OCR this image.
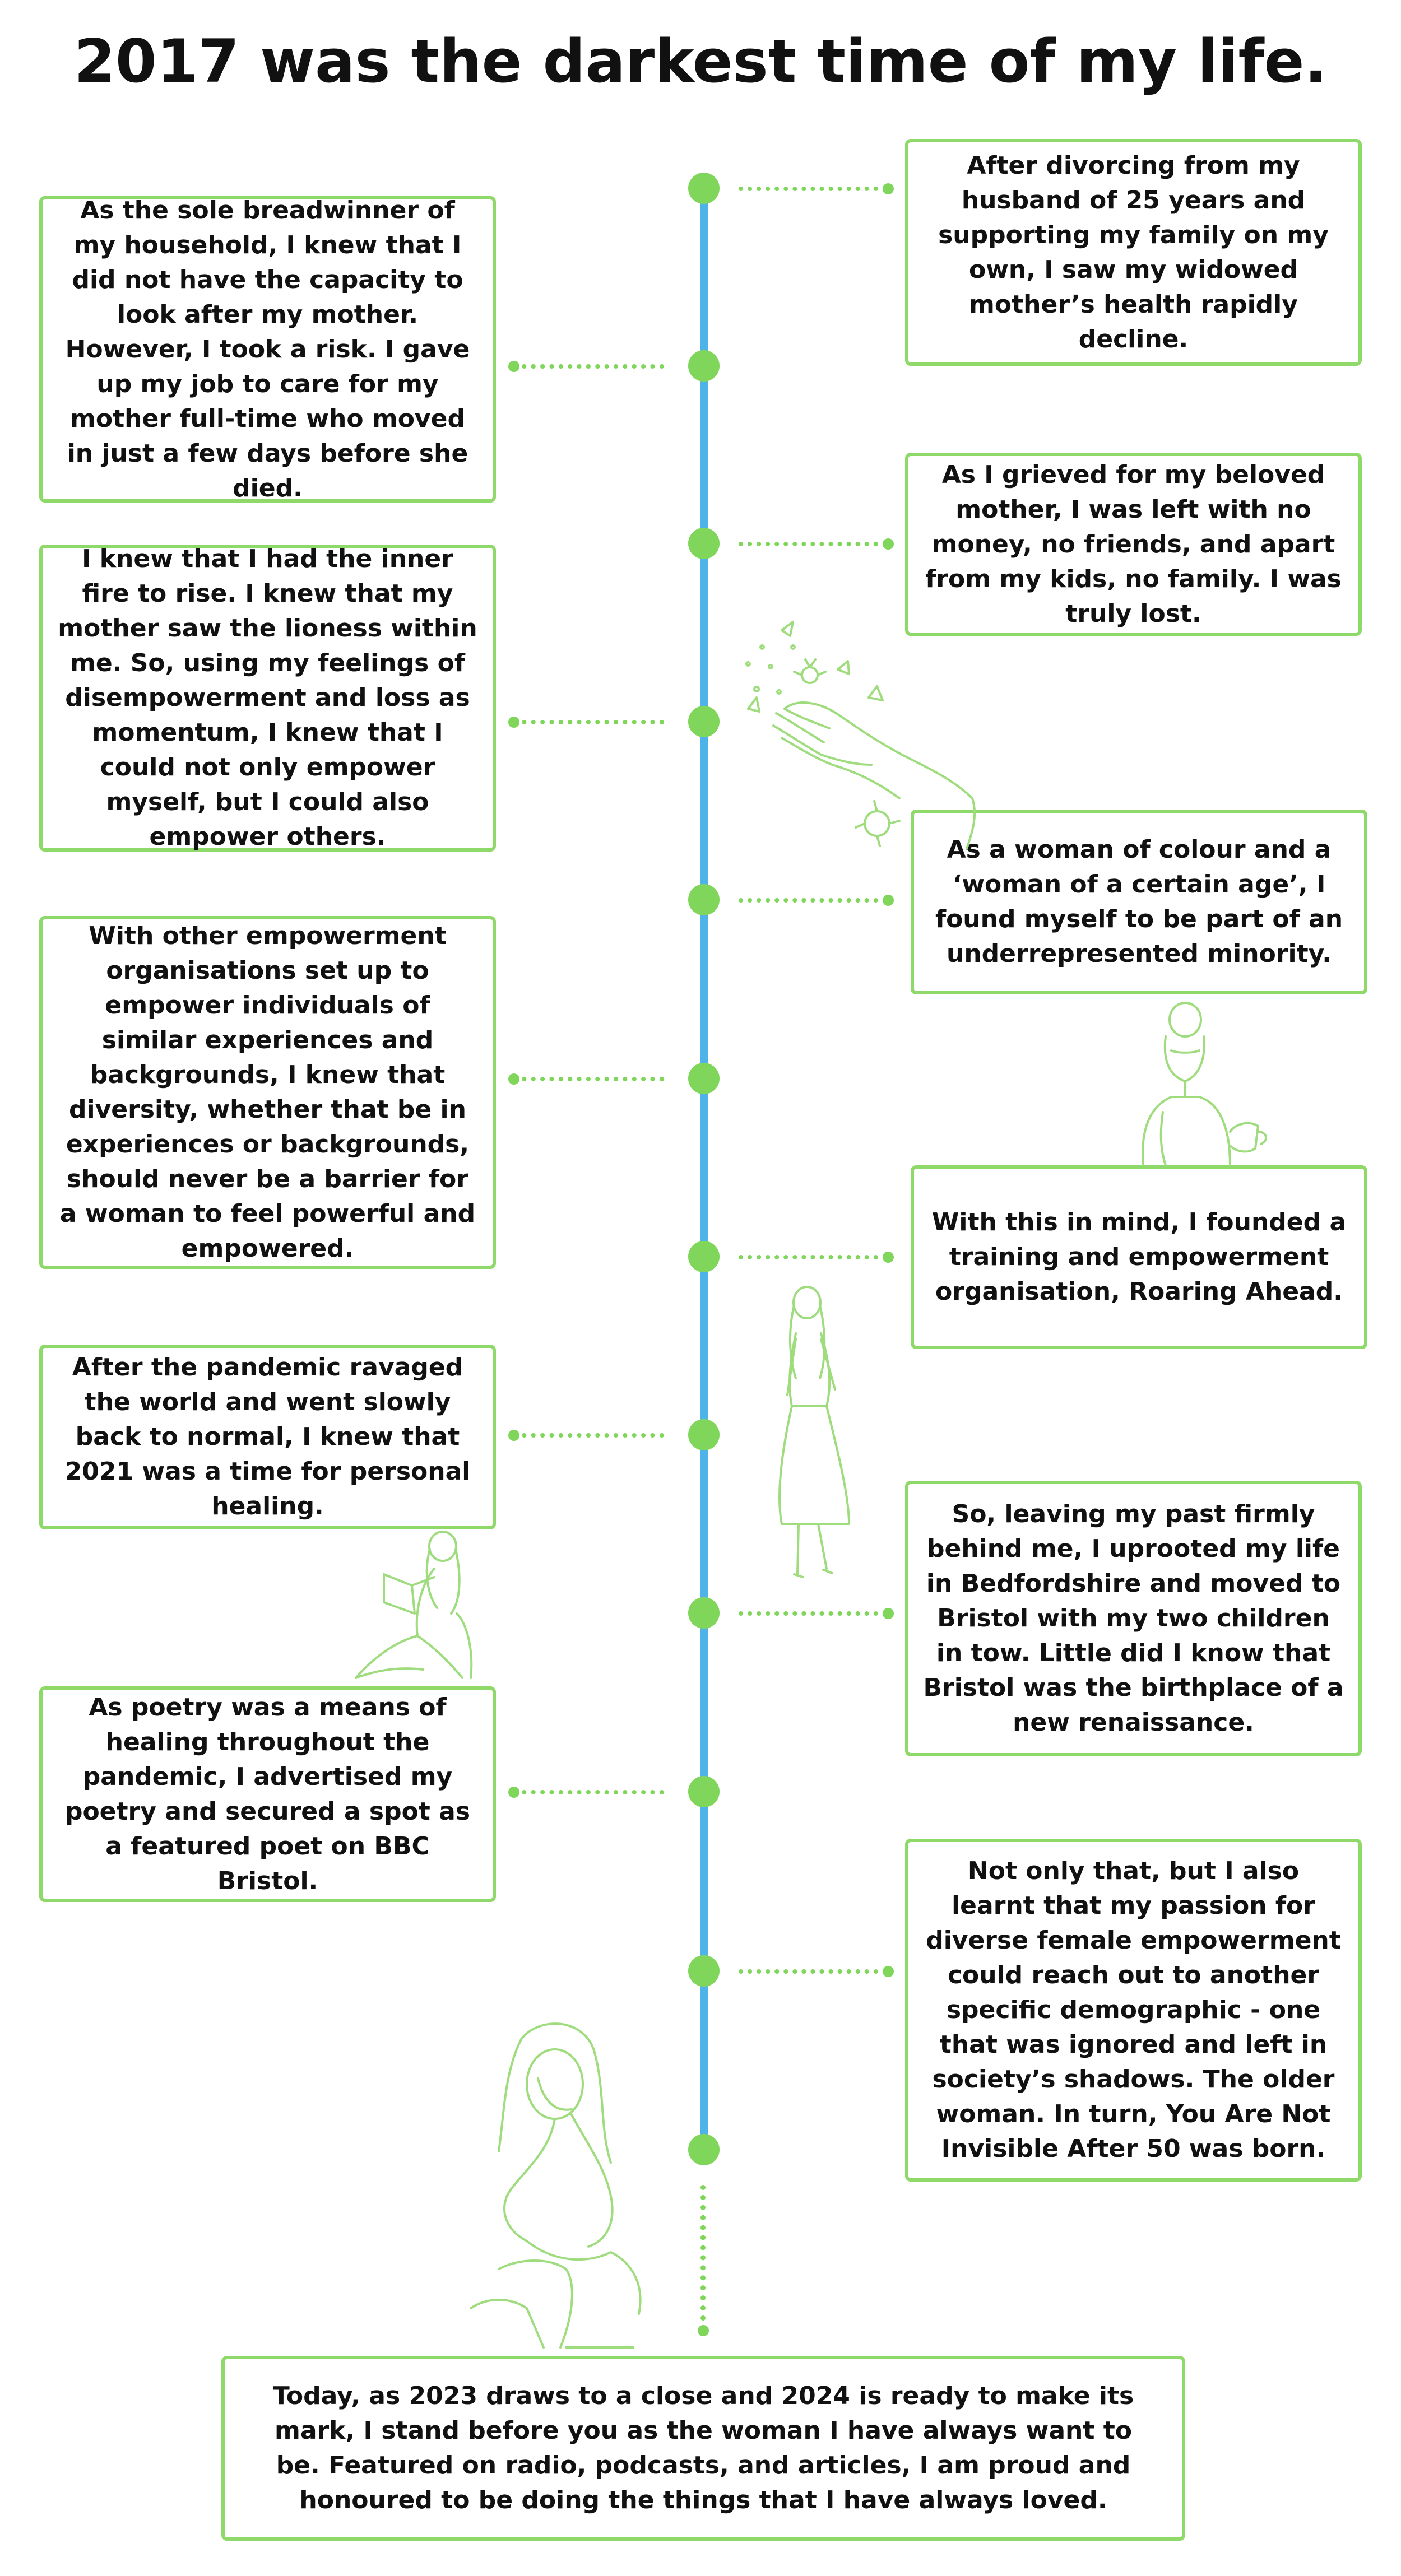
2017 was the darkest time of my life.
After divorcing from my husband of 25 years and supporting my family on my own, I saw my widowed mother’s health rapidly decline.
As the sole breadwinner of my household, I knew that I did not have the capacity to look after my mother. However, I took a risk. I gave up my job to care for my mother full-time who moved in just a few days before she died.	As I grieved for my beloved mother, I was left with no money, no friends, and apart from my kids, no family. I was truly lost.
I knew that I had the inner fire to rise. I knew that my mother saw the lioness within me. So, using my feelings of disempowerment and loss as momentum, I knew that I could not only empower myself, but I could also empower others.	As a woman of colour and a ‘woman of a certain age’, I found myself to be part of an underrepresented minority.
With other empowerment organisations set up to empower individuals of similar experiences and backgrounds, I knew that diversity, whether that be in experiences or backgrounds, should never be a barrier for a woman to feel powerful and empowered.
With this in mind, I founded a training and empowerment organisation, Roaring Ahead.
After the pandemic ravaged the world and went slowly back to normal, I knew that 2021 was a time for personal healing.	So, leaving my past firmly behind me, I uprooted my life in Bedfordshire and moved to Bristol with my two children in tow. Little did I know that Bristol was the birthplace of a new renaissance.
As poetry was a means of healing throughout the pandemic, I advertised my poetry and secured a spot as a featured poet on BBC Bristol.	Not only that, but I also learnt that my passion for diverse female empowerment could reach out to another specific demographic - one that was ignored and left in society’s shadows. The older woman. In turn, You Are Not Invisible After 50 was born.
Today, as 2023 draws to a close and 2024 is ready to make its mark, I stand before you as the woman I have always want to be. Featured on radio, podcasts, and articles, I am proud and honoured to be doing the things that I have always loved.
